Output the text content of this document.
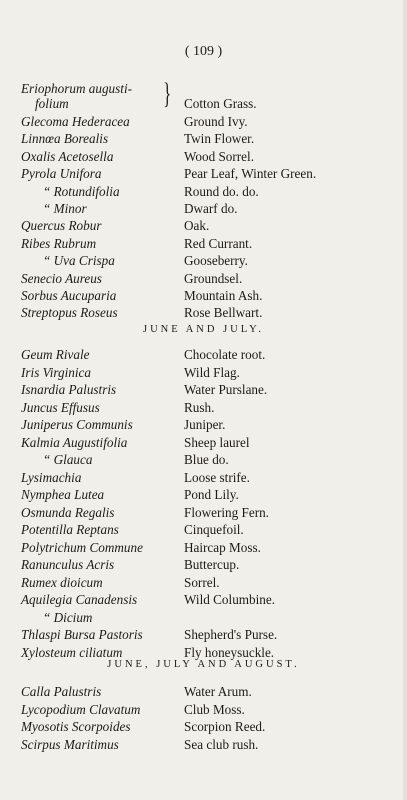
( 109 )
Eriophorum augusti-
folium	Cotton Grass.
}
Glecoma Hederacea	Ground Ivy.
Linnœa Borealis	Twin Flower.
Oxalis Acetosella	Wood Sorrel.
Pyrola Unifora	Pear Leaf, Winter Green.
“ Rotundifolia	Round do. do.
“ Minor	Dwarf do.
Quercus Robur	Oak.
Ribes Rubrum	Red Currant.
“ Uva Crispa	Gooseberry.
Senecio Aureus	Groundsel.
Sorbus Aucuparia	Mountain Ash.
Streptopus Roseus	Rose Bellwart.
JUNE AND JULY.
Geum Rivale	Chocolate root.
Iris Virginica	Wild Flag.
Isnardia Palustris	Water Purslane.
Juncus Effusus	Rush.
Juniperus Communis	Juniper.
Kalmia Augustifolia	Sheep laurel
“ Glauca	Blue do.
Lysimachia	Loose strife.
Nymphea Lutea	Pond Lily.
Osmunda Regalis	Flowering Fern.
Potentilla Reptans	Cinquefoil.
Polytrichum Commune	Haircap Moss.
Ranunculus Acris	Buttercup.
Rumex dioicum	Sorrel.
Aquilegia Canadensis	Wild Columbine.
“ Dicium
Thlaspi Bursa Pastoris	Shepherd's Purse.
Xylosteum ciliatum	Fly honeysuckle.
JUNE, JULY AND AUGUST.
Calla Palustris	Water Arum.
Lycopodium Clavatum	Club Moss.
Myosotis Scorpoides	Scorpion Reed.
Scirpus Maritimus	Sea club rush.
